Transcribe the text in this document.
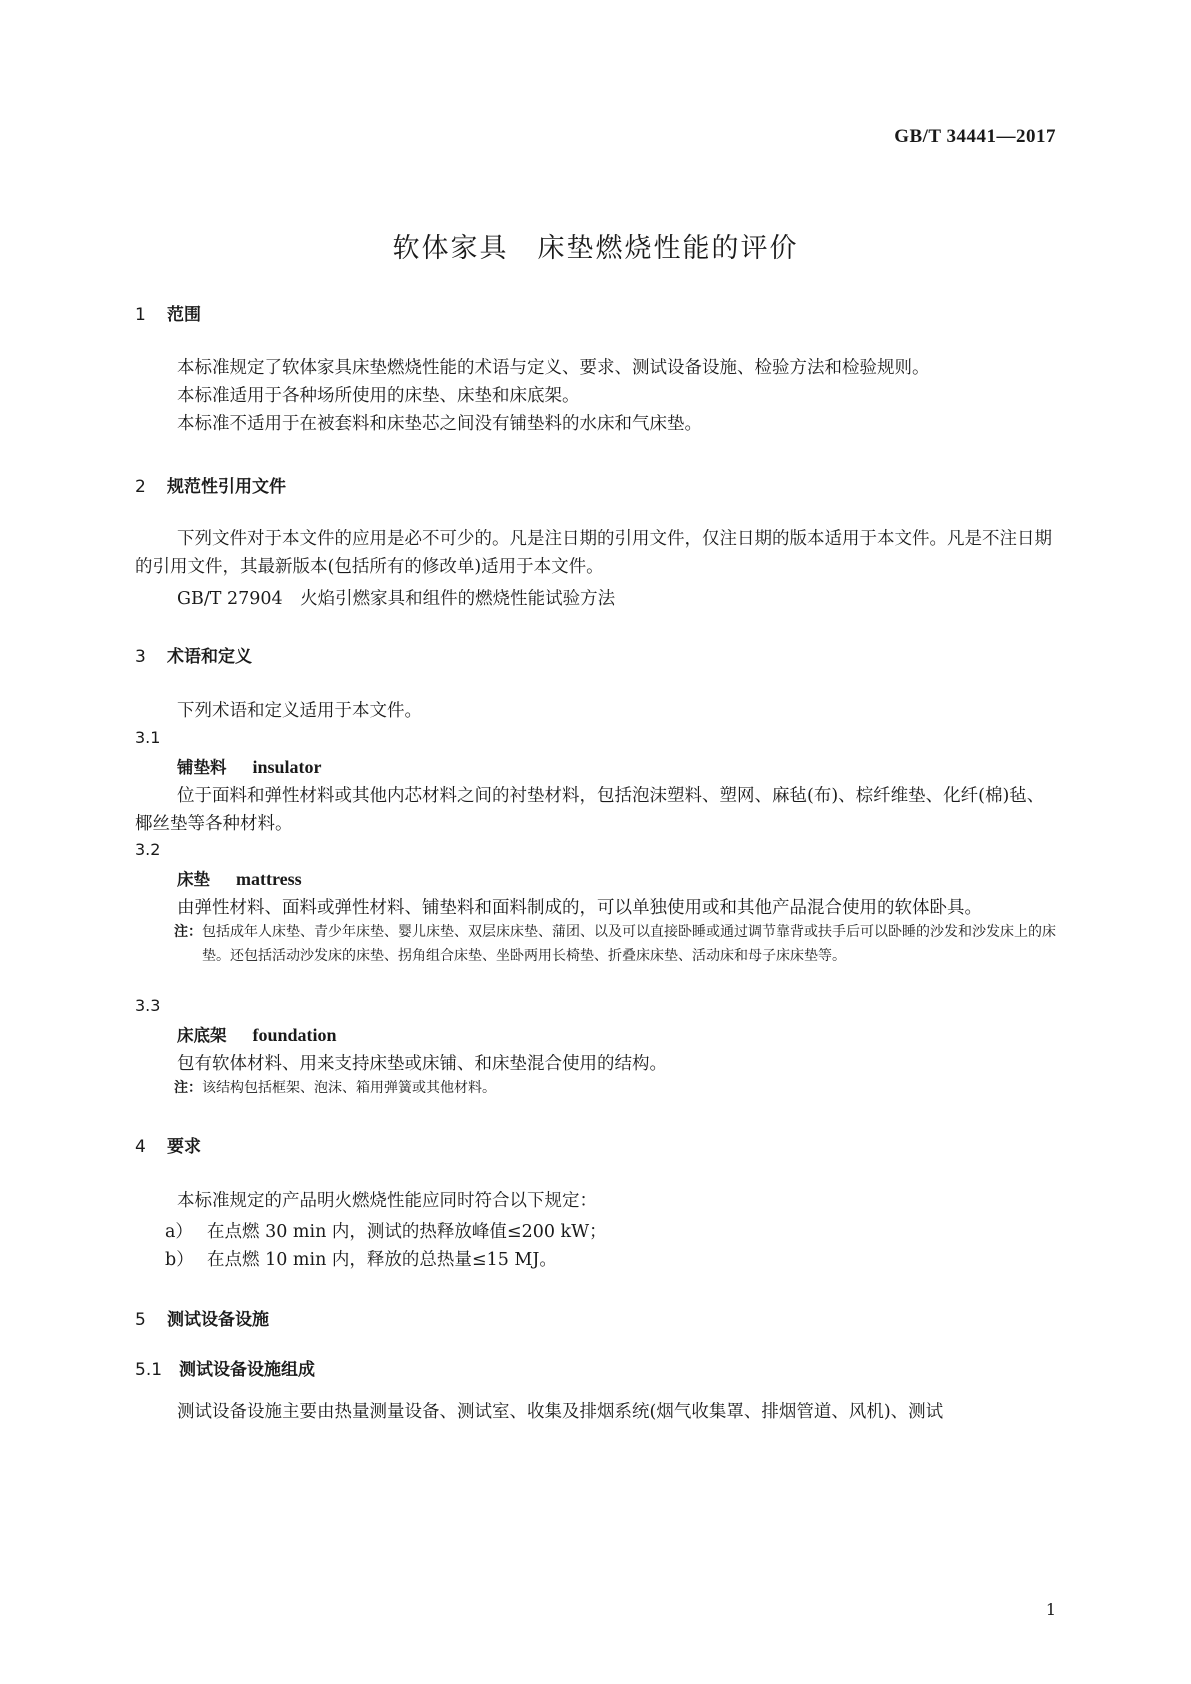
GB/T 34441—2017
软体家具　床垫燃烧性能的评价
1 范围
本标准规定了软体家具床垫燃烧性能的术语与定义、要求、测试设备设施、检验方法和检验规则。
本标准适用于各种场所使用的床垫、床垫和床底架。
本标准不适用于在被套料和床垫芯之间没有铺垫料的水床和气床垫。
2 规范性引用文件
下列文件对于本文件的应用是必不可少的。凡是注日期的引用文件，仅注日期的版本适用于本文件。凡是不注日期的引用文件，其最新版本(包括所有的修改单)适用于本文件。
GB/T 27904　火焰引燃家具和组件的燃烧性能试验方法
3 术语和定义
下列术语和定义适用于本文件。
3.1
铺垫料 insulator
位于面料和弹性材料或其他内芯材料之间的衬垫材料，包括泡沫塑料、塑网、麻毡(布)、棕纤维垫、化纤(棉)毡、椰丝垫等各种材料。
3.2
床垫 mattress
由弹性材料、面料或弹性材料、铺垫料和面料制成的，可以单独使用或和其他产品混合使用的软体卧具。
注：包括成年人床垫、青少年床垫、婴儿床垫、双层床床垫、蒲团、以及可以直接卧睡或通过调节靠背或扶手后可以卧睡的沙发和沙发床上的床垫。还包括活动沙发床的床垫、拐角组合床垫、坐卧两用长椅垫、折叠床床垫、活动床和母子床床垫等。
3.3
床底架 foundation
包有软体材料、用来支持床垫或床铺、和床垫混合使用的结构。
注：该结构包括框架、泡沫、箱用弹簧或其他材料。
4 要求
本标准规定的产品明火燃烧性能应同时符合以下规定：
a） 在点燃 30 min 内，测试的热释放峰值≤200 kW；
b） 在点燃 10 min 内，释放的总热量≤15 MJ。
5 测试设备设施
5.1 测试设备设施组成
测试设备设施主要由热量测量设备、测试室、收集及排烟系统(烟气收集罩、排烟管道、风机)、测试
1
